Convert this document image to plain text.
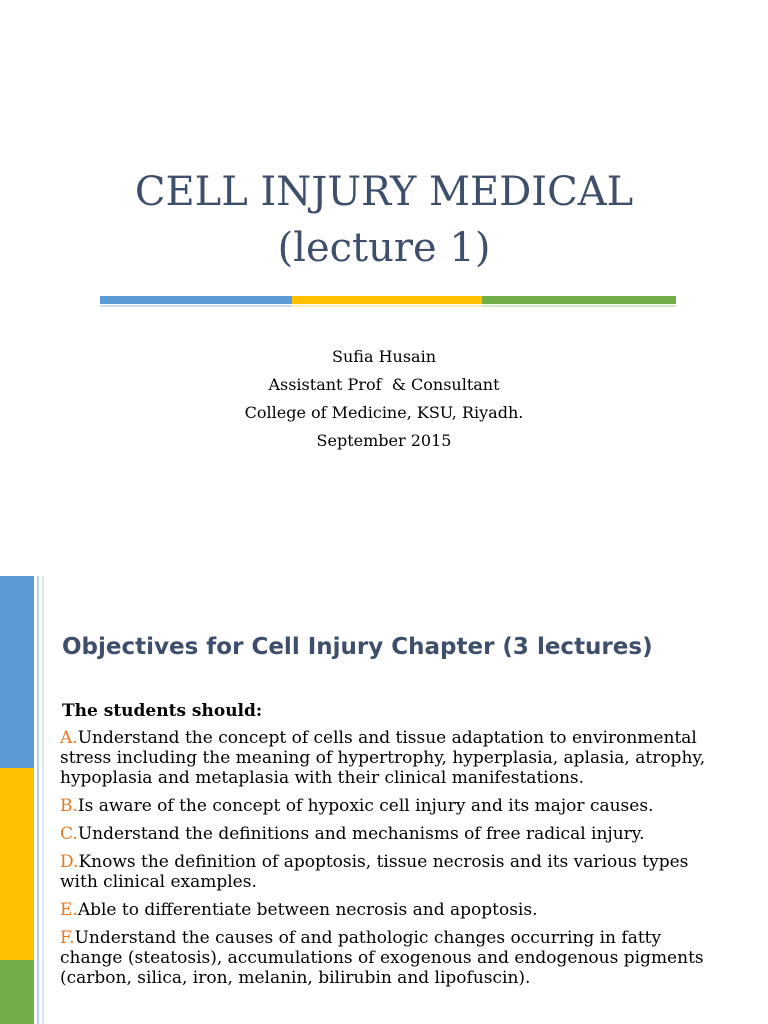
CELL INJURY MEDICAL
(lecture 1)
Sufia Husain
Assistant Prof  & Consultant
College of Medicine, KSU, Riyadh.
September 2015
Objectives for Cell Injury Chapter (3 lectures)
The students should:
A.Understand the concept of cells and tissue adaptation to environmental stress including the meaning of hypertrophy, hyperplasia, aplasia, atrophy, hypoplasia and metaplasia with their clinical manifestations.
B.Is aware of the concept of hypoxic cell injury and its major causes.
C.Understand the definitions and mechanisms of free radical injury.
D.Knows the definition of apoptosis, tissue necrosis and its various types with clinical examples.
E.Able to differentiate between necrosis and apoptosis.
F.Understand the causes of and pathologic changes occurring in fatty change (steatosis), accumulations of exogenous and endogenous pigments (carbon, silica, iron, melanin, bilirubin and lipofuscin).
